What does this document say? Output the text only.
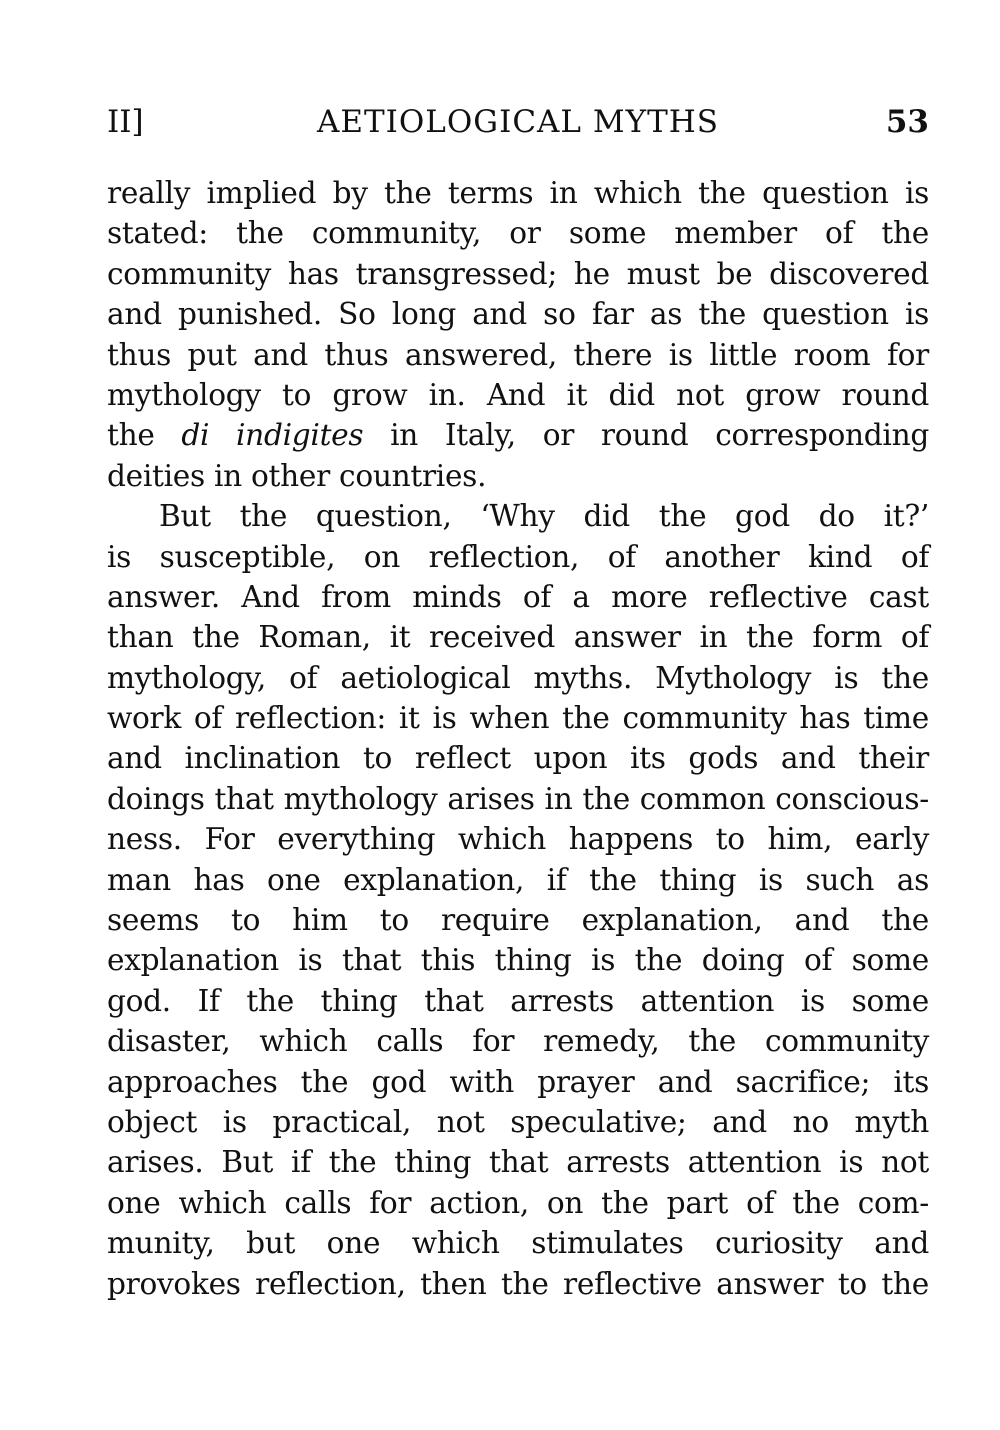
II]	AETIOLOGICAL MYTHS	53
really implied by the terms in which the question is
stated: the community, or some member of the
community has transgressed; he must be discovered
and punished. So long and so far as the question is
thus put and thus answered, there is little room for
mythology to grow in. And it did not grow round
the di indigites in Italy, or round corresponding
deities in other countries.
But the question, ‘Why did the god do it?’
is susceptible, on reflection, of another kind of
answer. And from minds of a more reflective cast
than the Roman, it received answer in the form of
mythology, of aetiological myths. Mythology is the
work of reflection: it is when the community has time
and inclination to reflect upon its gods and their
doings that mythology arises in the common conscious-
ness. For everything which happens to him, early
man has one explanation, if the thing is such as
seems to him to require explanation, and the
explanation is that this thing is the doing of some
god. If the thing that arrests attention is some
disaster, which calls for remedy, the community
approaches the god with prayer and sacrifice; its
object is practical, not speculative; and no myth
arises. But if the thing that arrests attention is not
one which calls for action, on the part of the com-
munity, but one which stimulates curiosity and
provokes reflection, then the reflective answer to the
